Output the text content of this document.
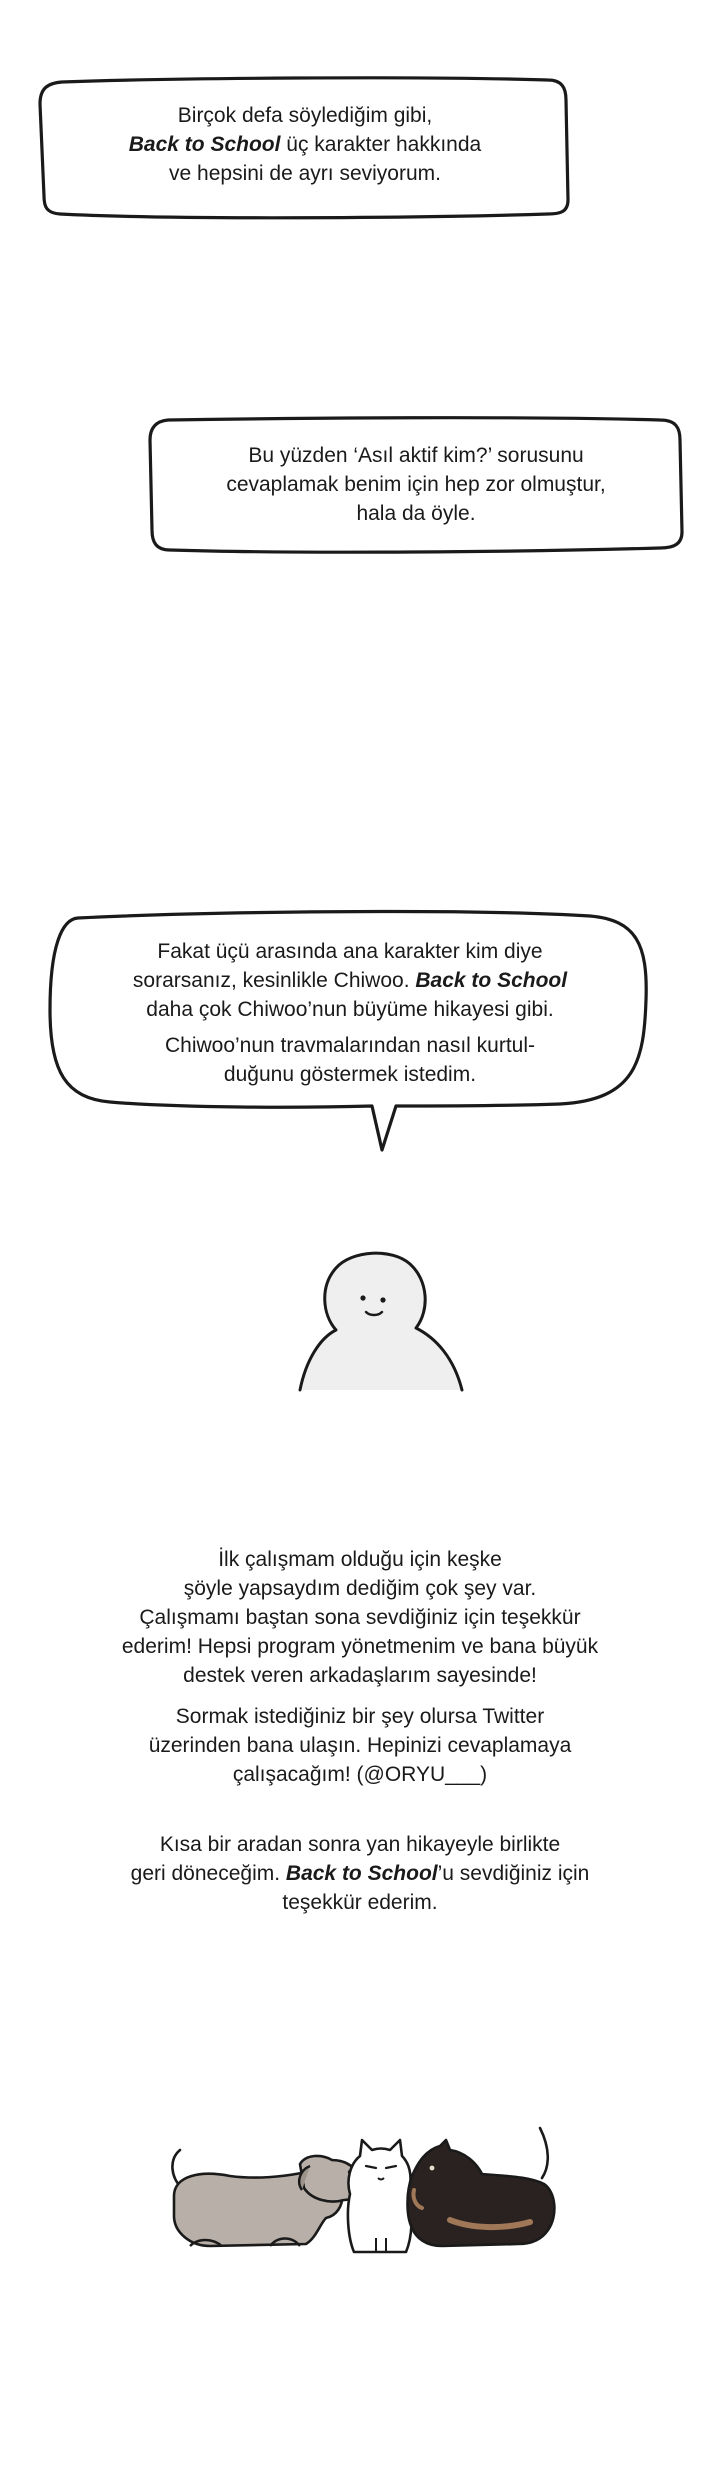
Birçok defa söylediğim gibi,
Back to School üç karakter hakkında
ve hepsini de ayrı seviyorum.
Bu yüzden ‘Asıl aktif kim?’ sorusunu
cevaplamak benim için hep zor olmuştur,
hala da öyle.
Fakat üçü arasında ana karakter kim diye
sorarsanız, kesinlikle Chiwoo. Back to School
daha çok Chiwoo’nun büyüme hikayesi gibi.
Chiwoo’nun travmalarından nasıl kurtul-
duğunu göstermek istedim.
İlk çalışmam olduğu için keşke
şöyle yapsaydım dediğim çok şey var.
Çalışmamı baştan sona sevdiğiniz için teşekkür
ederim! Hepsi program yönetmenim ve bana büyük
destek veren arkadaşlarım sayesinde!
Sormak istediğiniz bir şey olursa Twitter
üzerinden bana ulaşın. Hepinizi cevaplamaya
çalışacağım! (@ORYU___)
Kısa bir aradan sonra yan hikayeyle birlikte
geri döneceğim. Back to School’u sevdiğiniz için
teşekkür ederim.
